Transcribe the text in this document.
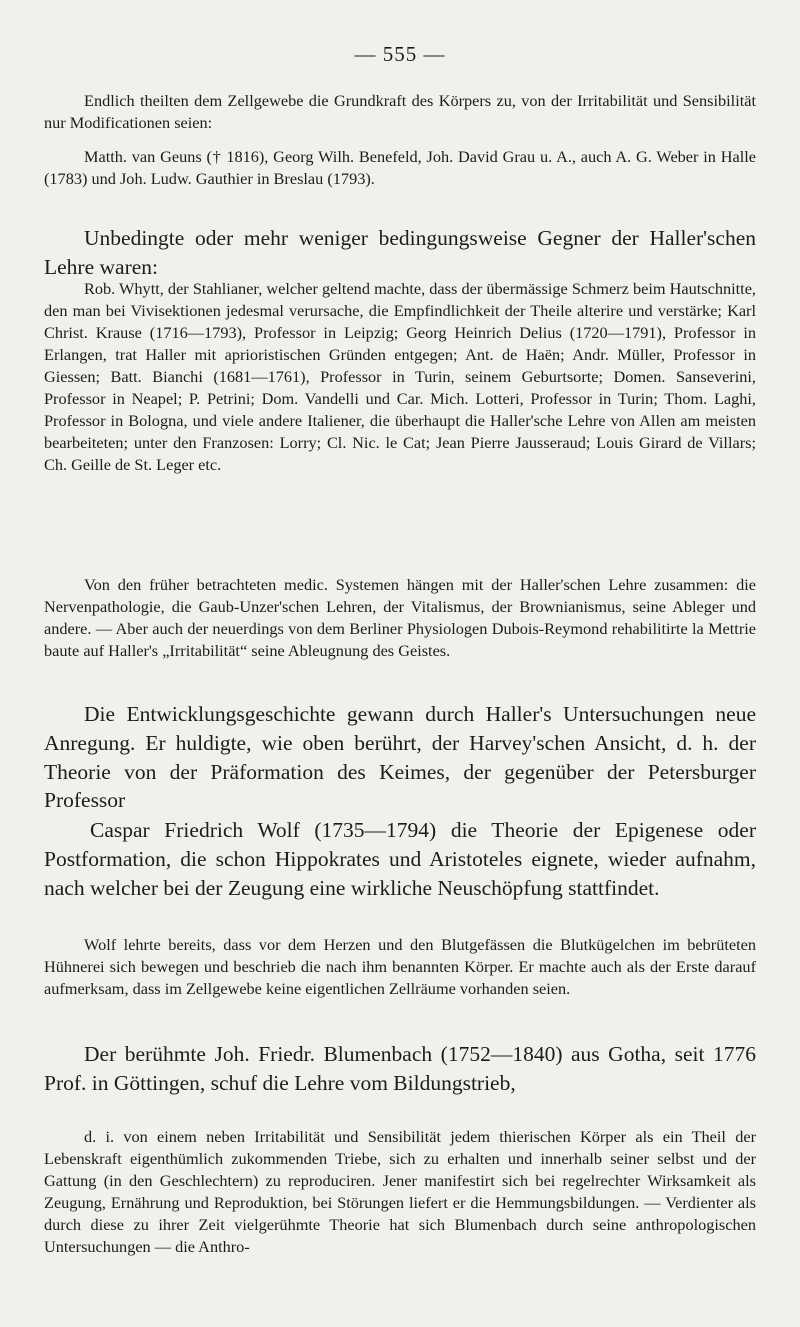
— 555 —

Endlich theilten dem Zellgewebe die Grundkraft des Körpers zu, von der Irritabilität und Sensibilität nur Modificationen seien:

Matth. van Geuns († 1816), Georg Wilh. Benefeld, Joh. David Grau u. A., auch A. G. Weber in Halle (1783) und Joh. Ludw. Gauthier in Breslau (1793).

Unbedingte oder mehr weniger bedingungsweise Gegner der Haller'schen Lehre waren:

Rob. Whytt, der Stahlianer, welcher geltend machte, dass der übermässige Schmerz beim Hautschnitte, den man bei Vivisektionen jedesmal verursache, die Empfindlichkeit der Theile alterire und verstärke; Karl Christ. Krause (1716—1793), Professor in Leipzig; Georg Heinrich Delius (1720—1791), Professor in Erlangen, trat Haller mit aprioristischen Gründen entgegen; Ant. de Haën; Andr. Müller, Professor in Giessen; Batt. Bianchi (1681—1761), Professor in Turin, seinem Geburtsorte; Domen. Sanseverini, Professor in Neapel; P. Petrini; Dom. Vandelli und Car. Mich. Lotteri, Professor in Turin; Thom. Laghi, Professor in Bologna, und viele andere Italiener, die überhaupt die Haller'sche Lehre von Allen am meisten bearbeiteten; unter den Franzosen: Lorry; Cl. Nic. le Cat; Jean Pierre Jausseraud; Louis Girard de Villars; Ch. Geille de St. Leger etc.

Von den früher betrachteten medic. Systemen hängen mit der Haller'schen Lehre zusammen: die Nervenpathologie, die Gaub-Unzer'schen Lehren, der Vitalismus, der Brownianismus, seine Ableger und andere. — Aber auch der neuerdings von dem Berliner Physiologen Dubois-Reymond rehabilitirte la Mettrie baute auf Haller's „Irritabilität“ seine Ableugnung des Geistes.

Die Entwicklungsgeschichte gewann durch Haller's Untersuchungen neue Anregung. Er huldigte, wie oben berührt, der Harvey'schen Ansicht, d. h. der Theorie von der Präformation des Keimes, der gegenüber der Petersburger Professor

Caspar Friedrich Wolf (1735—1794) die Theorie der Epigenese oder Postformation, die schon Hippokrates und Aristoteles eignete, wieder aufnahm, nach welcher bei der Zeugung eine wirkliche Neuschöpfung stattfindet.

Wolf lehrte bereits, dass vor dem Herzen und den Blutgefässen die Blutkügelchen im bebrüteten Hühnerei sich bewegen und beschrieb die nach ihm benannten Körper. Er machte auch als der Erste darauf aufmerksam, dass im Zellgewebe keine eigentlichen Zellräume vorhanden seien.

Der berühmte Joh. Friedr. Blumenbach (1752—1840) aus Gotha, seit 1776 Prof. in Göttingen, schuf die Lehre vom Bildungstrieb,

d. i. von einem neben Irritabilität und Sensibilität jedem thierischen Körper als ein Theil der Lebenskraft eigenthümlich zukommenden Triebe, sich zu erhalten und innerhalb seiner selbst und der Gattung (in den Geschlechtern) zu reproduciren. Jener manifestirt sich bei regelrechter Wirksamkeit als Zeugung, Ernährung und Reproduktion, bei Störungen liefert er die Hemmungsbildungen. — Verdienter als durch diese zu ihrer Zeit vielgerühmte Theorie hat sich Blumenbach durch seine anthropologischen Untersuchungen — die Anthro-
